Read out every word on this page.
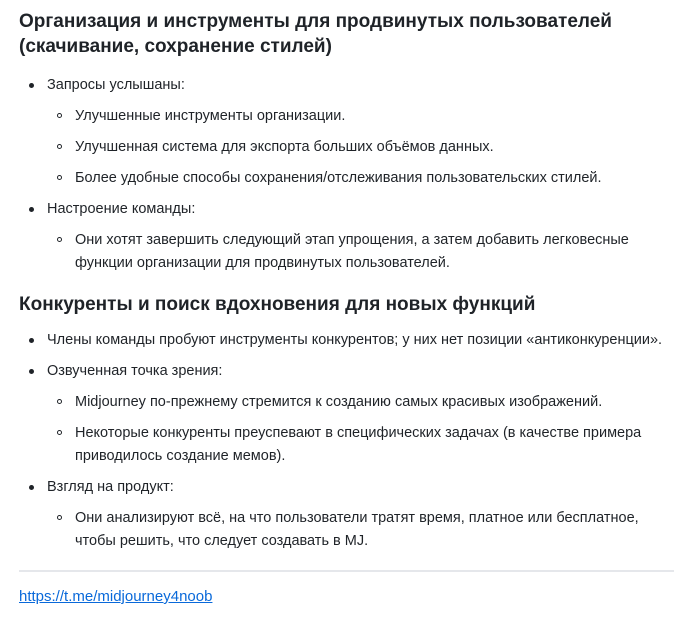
Организация и инструменты для продвинутых пользователей (скачивание, сохранение стилей)
Запросы услышаны:
Улучшенные инструменты организации.
Улучшенная система для экспорта больших объёмов данных.
Более удобные способы сохранения/отслеживания пользовательских стилей.
Настроение команды:
Они хотят завершить следующий этап упрощения, а затем добавить легковесные функции организации для продвинутых пользователей.
Конкуренты и поиск вдохновения для новых функций
Члены команды пробуют инструменты конкурентов; у них нет позиции «антиконкуренции».
Озвученная точка зрения:
Midjourney по-прежнему стремится к созданию самых красивых изображений.
Некоторые конкуренты преуспевают в специфических задачах (в качестве примера приводилось создание мемов).
Взгляд на продукт:
Они анализируют всё, на что пользователи тратят время, платное или бесплатное, чтобы решить, что следует создавать в MJ.
https://t.me/midjourney4noob
